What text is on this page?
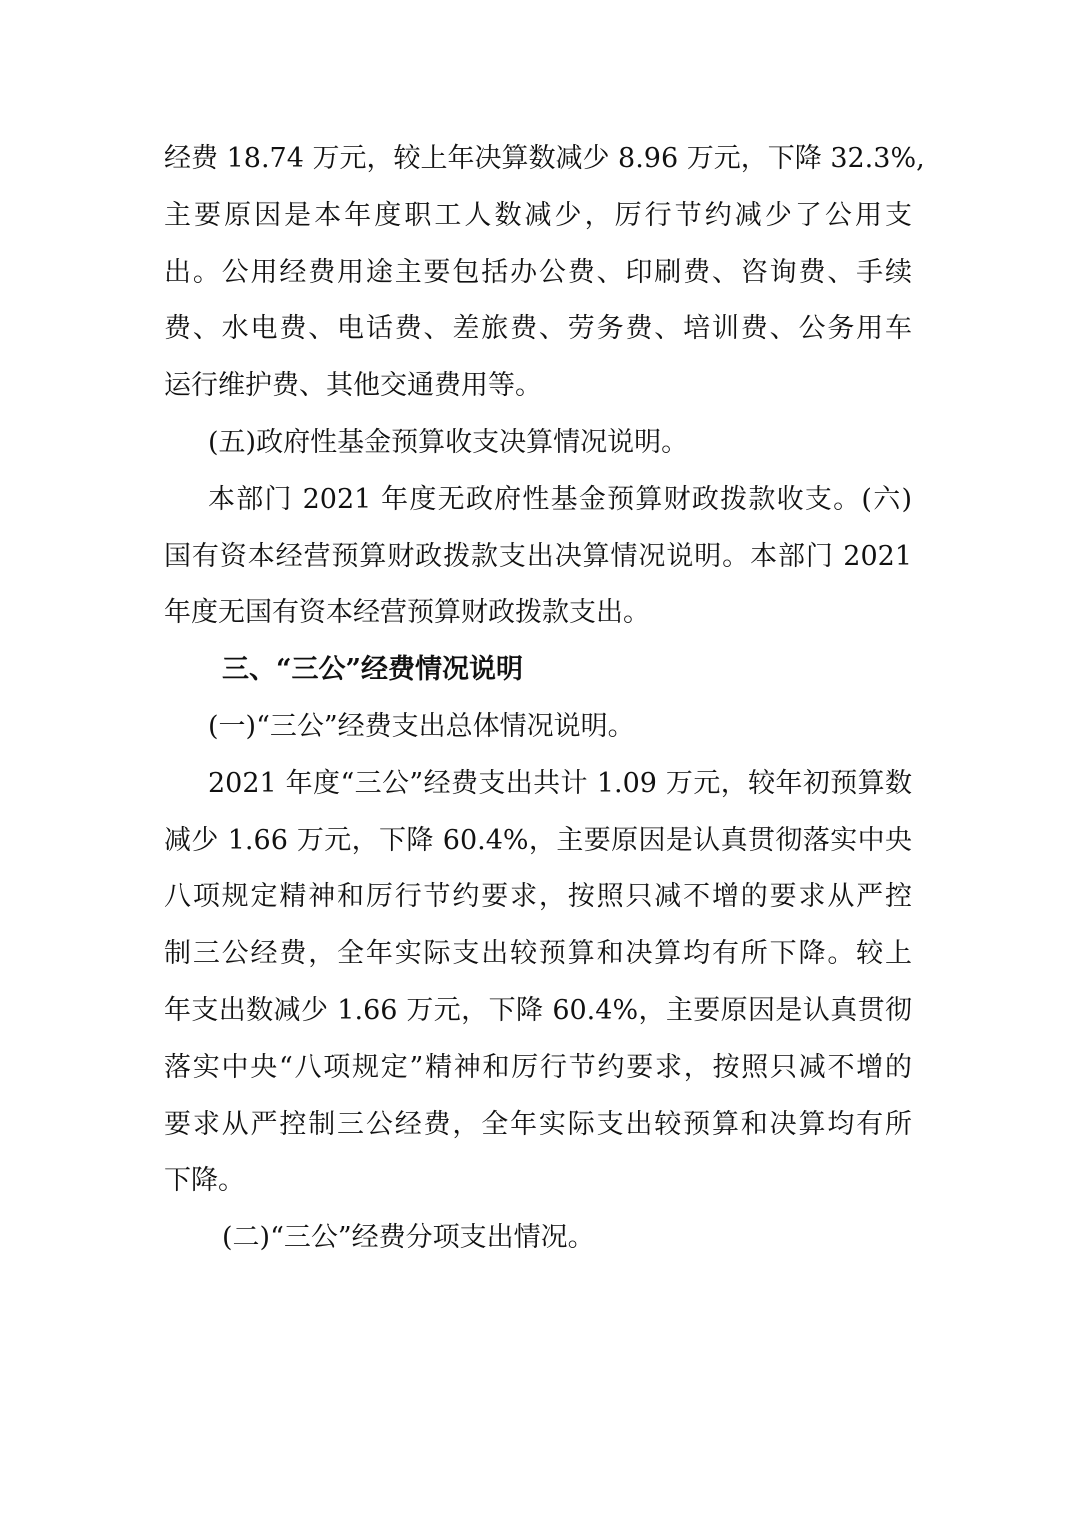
经费 18.74 万元，较上年决算数减少 8.96 万元，下降 32.3%,
主要原因是本年度职工人数减少，厉行节约减少了公用支
出。公用经费用途主要包括办公费、印刷费、咨询费、手续
费、水电费、电话费、差旅费、劳务费、培训费、公务用车
运行维护费、其他交通费用等。
(五)政府性基金预算收支决算情况说明。
本部门 2021 年度无政府性基金预算财政拨款收支。(六)
国有资本经营预算财政拨款支出决算情况说明。本部门 2021
年度无国有资本经营预算财政拨款支出。
三、“三公”经费情况说明
(一)“三公”经费支出总体情况说明。
2021 年度“三公”经费支出共计 1.09 万元，较年初预算数
减少 1.66 万元，下降 60.4%，主要原因是认真贯彻落实中央
八项规定精神和厉行节约要求，按照只减不增的要求从严控
制三公经费，全年实际支出较预算和决算均有所下降。较上
年支出数减少 1.66 万元，下降 60.4%，主要原因是认真贯彻
落实中央“八项规定”精神和厉行节约要求，按照只减不增的
要求从严控制三公经费，全年实际支出较预算和决算均有所
下降。
(二)“三公”经费分项支出情况。
